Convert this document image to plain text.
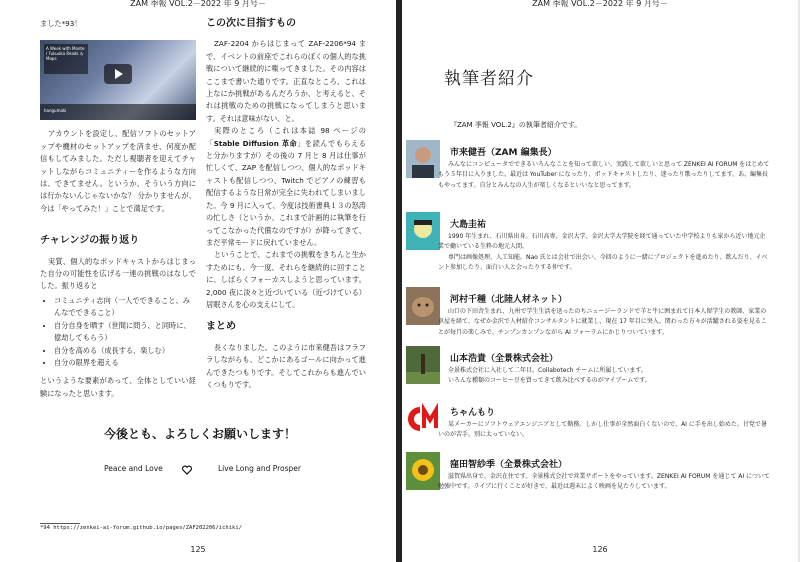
ZAM 季報 VOL.2－2022 年 9 月号－

ました*93！

A Week with Monte / Fukuoka Reads ＆ Maps
hangumaki

アカウントを設定し、配信ソフトのセットアップや機材のセットアップを済ませ、何度か配信もしてみました。ただし視聴者を迎えてチャットしながらコミュニティーを作るような方向は、できてません。というか、そういう方向には行かないんじゃないかな？ 分かりませんが、今は「やってみた！」ことで満足です。

チャレンジの振り返り

実質、個人的なポッドキャストからはじまった自分の可能性を広げる一連の挑戦のはなしでした。振り返ると

• コミュニティ志向（一人でできること、みんなでできること）
• 自分自身を晒す（世間に問う、と同時に、億劫してもらう）
• 自分を高める（成長する、楽しむ）
• 自分の限界を超える

というような要素があって、全体としていい経験になったと思います。

この次に目指すもの

ZAF-2204 からはじまって ZAF-2206*94 まで、イベントの前座でこれらのぼくの個人的な挑戦について継続的に喋ってきました。その内容はここまで書いた通りです。正直なところ、これは上なにか挑戦があるんだろうか、と考えると、それは挑戦のための挑戦になってしまうと思います。それは意味がない、と。

実際のところ（これは本誌 98 ページの「Stable Diffusion 革命」を読んでもらえると分かりますが）その後の 7 月と 8 月は仕事が忙しくて、ZAP を配信しつつ、個人的なポッドキャストも配信しつつ、Twitch でピアノの練習も配信するような日常が完全に失われてしまいました。今 9 月に入って、今度は技術書典１３の怒涛の忙しさ（というか、これまで計画的に執筆を行ってこなかった代償なのですが）が降ってきて、まだ平常モードに戻れていません。

ということで、これまでの挑戦をきちんと生かすためにも、今一度、それらを継続的に回すことに、しばらくフォーカスしようと思っています。2,000 夜に淡々と近づいている（近づけている）居眠さんを心の支えにして。

まとめ

長くなりました。このように市来健吾はフラフラしながらも、どこかにあるゴールに向かって進んできたつもりです。そしてこれからも進んでいくつもりです。

今後とも、よろしくお願いします！
Peace and Love	Live Long and Prosper
*94 https://zenkei-ai-forum.github.io/pages/ZAF202206/ichiki/
125
ZAM 季報 VOL.2－2022 年 9 月号－
執筆者紹介
『ZAM 季報 VOL.2』の執筆者紹介です。
市来健吾（ZAM 編集長）

みんなにコンピュータでできるいろんなことを知って欲しい、実践して欲しいと思って ZENKEI AI FORUM をはじめてもう５年目に入りました。最近は YouTuber になったり、ポッドキャストしたり、迷ったり歌ったりしてます。あ、編集長もやってます。自分とみんなの人生が楽しくなるといいなと思ってます。

大島圭祐

1990 年生まれ、石川県出身。石川高専、金沢大学、金沢大学大学院を経て通っていた中学校よりも家から近い地元企業で働いている生粋の地元人間。

専門は画像処理、人工知能。Nao 氏とは会社で出会い、今回のように一緒にプロジェクトを進めたり、飲んだり、イベント参加したり、面白い人と会ったりする仲です。

河村千種（北陸人材ネット）

山口の下田舎生まれ、九州で学生生活を送ったのちニュージーランドで羊と牛に囲まれて日本人留学生の教師、家業の車屋を経て、なぜか金沢で人材紹介コンサルタントに就業し、現在 17 年目に突入。関わった方々が活躍される姿を見ることが毎月の楽しみで、チンプンカンプンながら AI フォーラムにかじりついています。

山本浩貴（全景株式会社）

全景株式会社に入社して二年目。Collabotech チームに所属しています。

いろんな種類のコーヒー豆を買ってきて飲み比べするのがマイブームです。

ちゃんもり

某メーカーにソフトウェアエンジニアとして勤務。しかし仕事が全然面白くないので、AI に手を出し始めた。甘党で暑いのが苦手。別に太っていない。

窪田智紗季（全景株式会社）

滋賀県出身で、金沢在住です。全景株式会社で営業サポートをやっています。ZENKEI AI FORUM を通じて AI について勉強中です。ライブに行くことが好きで、最近は週末によく映画を見たりしています。

126
